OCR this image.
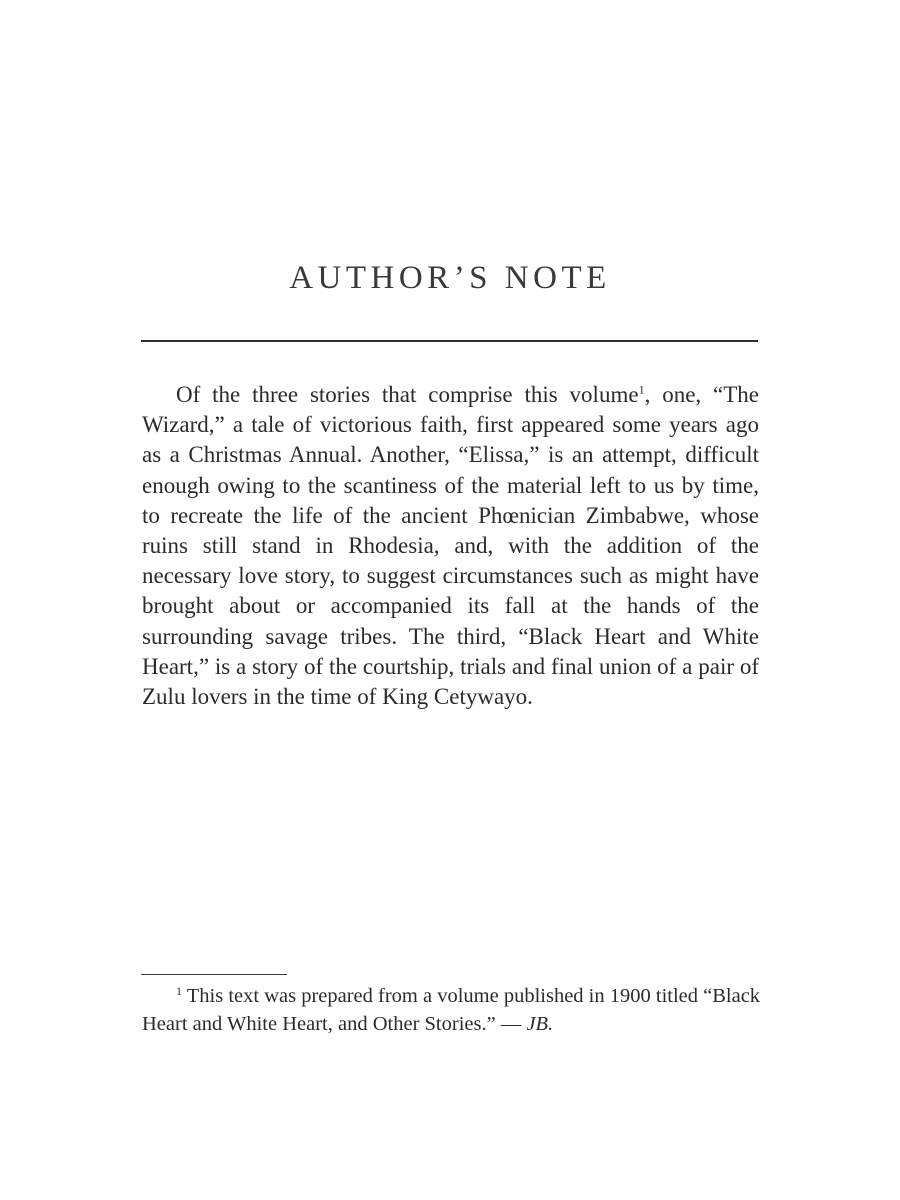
AUTHOR’S NOTE

Of the three stories that comprise this volume$^1$, one, “The Wizard,” a tale of victorious faith, first appeared some years ago as a Christmas Annual. Another, “Elissa,” is an attempt, difficult enough owing to the scantiness of the material left to us by time, to recreate the life of the ancient Phœnician Zimbabwe, whose ruins still stand in Rhodesia, and, with the addition of the necessary love story, to suggest circumstances such as might have brought about or accompanied its fall at the hands of the surrounding savage tribes. The third, “Black Heart and White Heart,” is a story of the courtship, trials and final union of a pair of Zulu lovers in the time of King Cetywayo.

$^1$ This text was prepared from a volume published in 1900 titled “Black Heart and White Heart, and Other Stories.” — JB.
